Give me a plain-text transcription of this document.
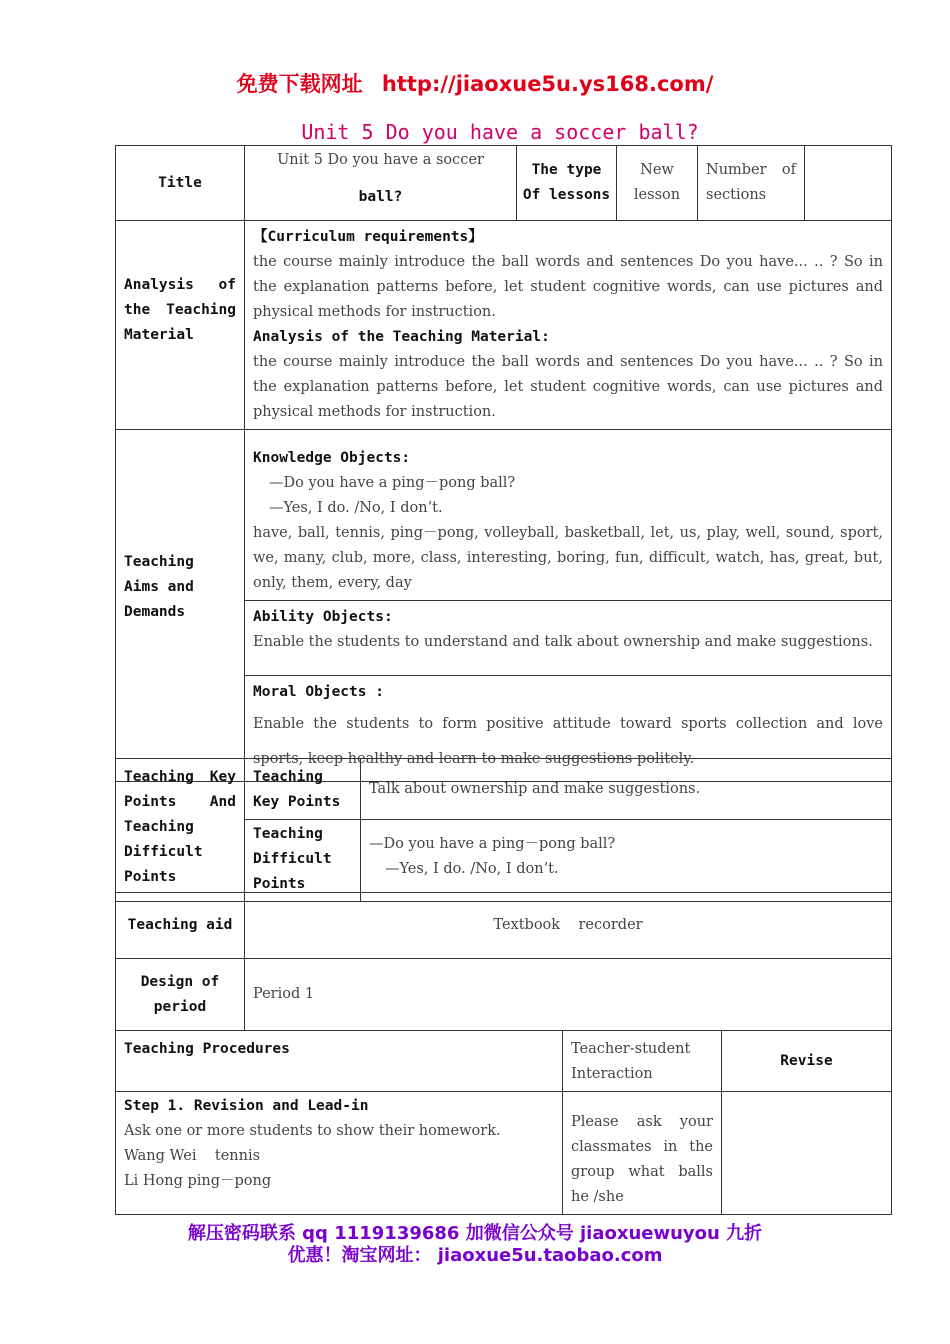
免费下载网址 http://jiaoxue5u.ys168.com/
Unit 5 Do you have a soccer ball?
Title	
Unit 5 Do you have a soccer
ball?
	The type Of lessons	New lesson	Number of sections	
Analysis of the Teaching Material	【Curriculum requirements】
the course mainly introduce the ball words and sentences Do you have... .. ? So in the explanation patterns before, let student cognitive words, can use pictures and physical methods for instruction.
Analysis of the Teaching Material:
the course mainly introduce the ball words and sentences Do you have... .. ? So in the explanation patterns before, let student cognitive words, can use pictures and physical methods for instruction.

Teaching Aims and Demands	Knowledge Objects:
—Do you have a ping－pong ball?
—Yes, I do. /No, I don’t.
have, ball, tennis, ping－pong, volleyball, basketball, let, us, play, well, sound, sport, we, many, club, more, class, interesting, boring, fun, difficult, watch, has, great, but, only, them, every, day

	Ability Objects:
Enable the students to understand and talk about ownership and make suggestions.

	Moral Objects :
Enable the students to form positive attitude toward sports collection and love sports, keep healthy and learn to make suggestions politely.
Teaching Key Points And Teaching Difficult Points	Teaching Key Points	Talk about ownership and make suggestions.
	Teaching Difficult Points	—Do you have a ping－pong ball?
—Yes, I do. /No, I don’t.
Teaching aid	Textbook    recorder
Design of period	Period 1
Teaching Procedures	Teacher-student Interaction	Revise

Step 1. Revision and Lead-in
Ask one or more students to show their homework.
Wang Wei    tennis
Li Hong ping－pong	Please ask your classmates in the group what balls he /she	
解压密码联系 qq 1119139686 加微信公众号 jiaoxuewuyou 九折
优惠！淘宝网址： jiaoxue5u.taobao.com
